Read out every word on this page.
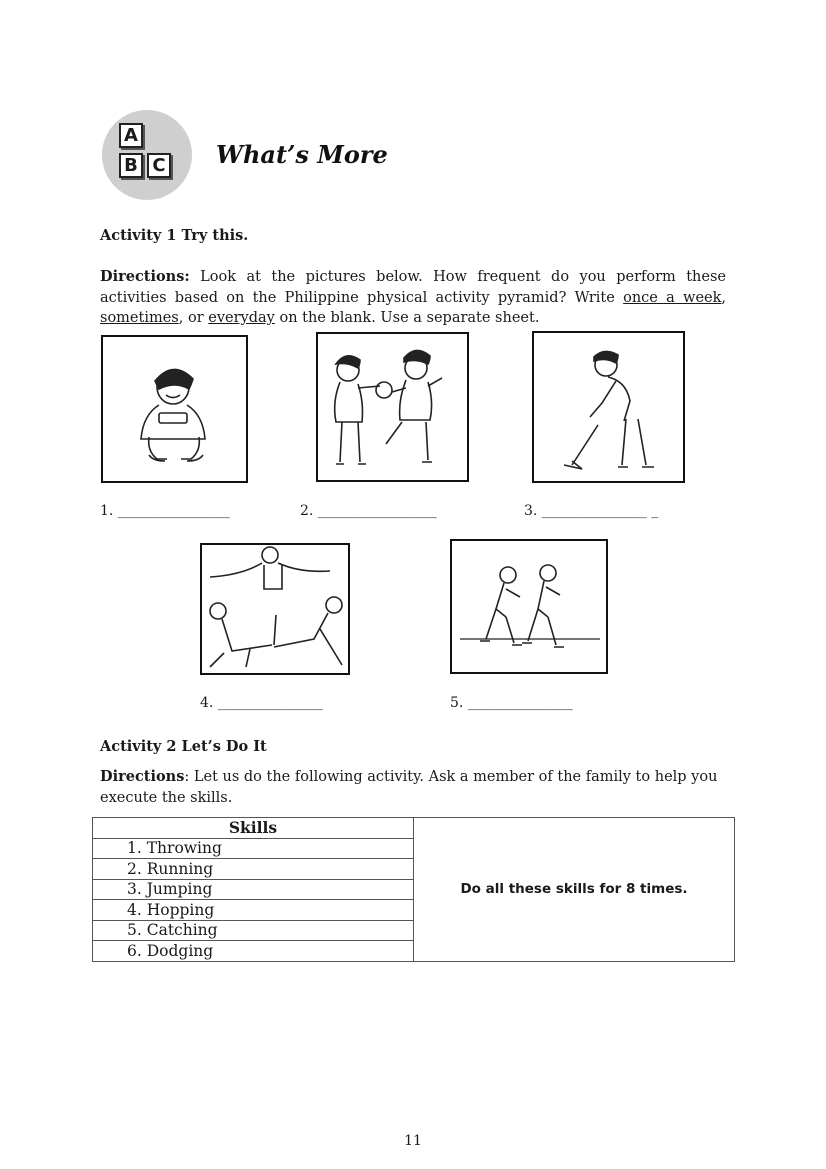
A
B C What’s More
Activity 1 Try this.
Directions: Look at the pictures below. How frequent do you perform these activities based on the Philippine physical activity pyramid? Write once a week, sometimes, or everyday on the blank. Use a separate sheet.
1. ________________	2. _________________	3. _______________ _
4. _______________	5. _______________
Activity 2 Let’s Do It
Directions: Let us do the following activity. Ask a member of the family to help you execute the skills.
Skills	Do all these skills for 8 times.
1. Throwing
2. Running
3. Jumping
4. Hopping
5. Catching
6. Dodging
11
